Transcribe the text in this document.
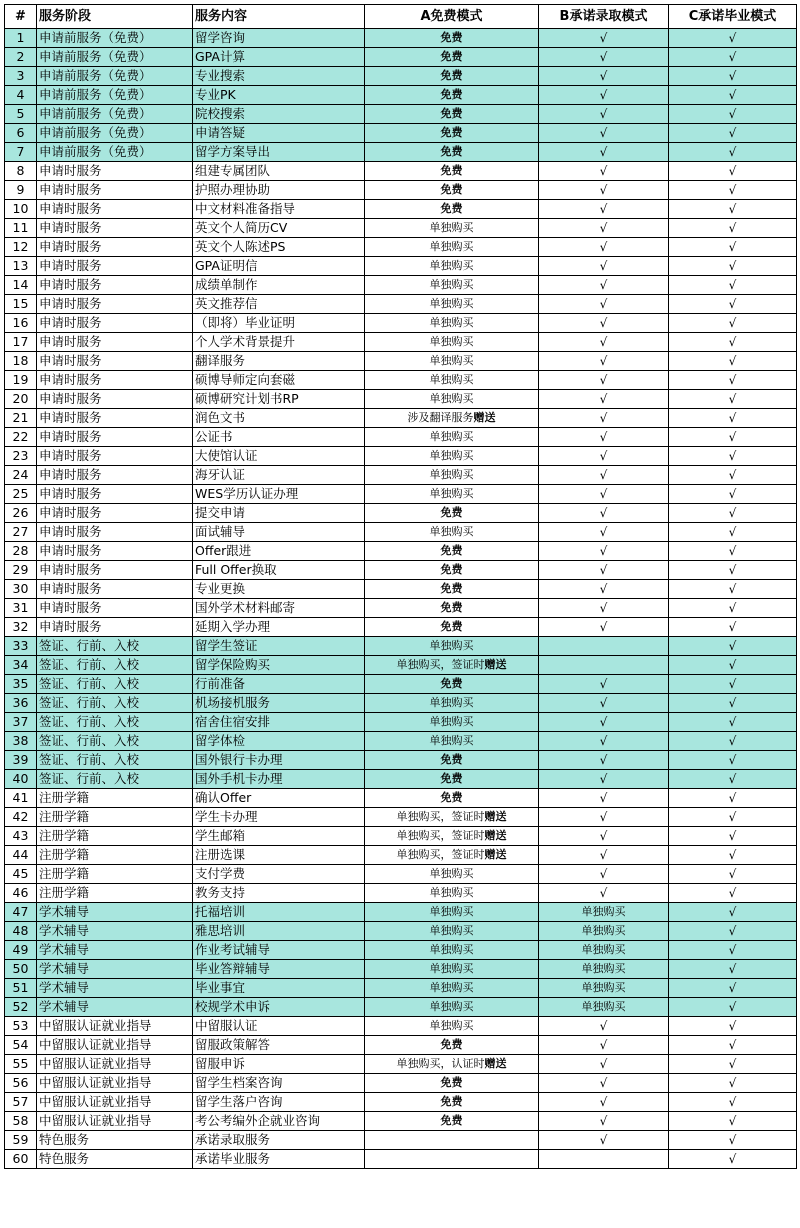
#	服务阶段	服务内容	A免费模式	B承诺录取模式	C承诺毕业模式
1	申请前服务（免费）	留学咨询	免费	√	√
2	申请前服务（免费）	GPA计算	免费	√	√
3	申请前服务（免费）	专业搜索	免费	√	√
4	申请前服务（免费）	专业PK	免费	√	√
5	申请前服务（免费）	院校搜索	免费	√	√
6	申请前服务（免费）	申请答疑	免费	√	√
7	申请前服务（免费）	留学方案导出	免费	√	√
8	申请时服务	组建专属团队	免费	√	√
9	申请时服务	护照办理协助	免费	√	√
10	申请时服务	中文材料准备指导	免费	√	√
11	申请时服务	英文个人简历CV	单独购买	√	√
12	申请时服务	英文个人陈述PS	单独购买	√	√
13	申请时服务	GPA证明信	单独购买	√	√
14	申请时服务	成绩单制作	单独购买	√	√
15	申请时服务	英文推荐信	单独购买	√	√
16	申请时服务	（即将）毕业证明	单独购买	√	√
17	申请时服务	个人学术背景提升	单独购买	√	√
18	申请时服务	翻译服务	单独购买	√	√
19	申请时服务	硕博导师定向套磁	单独购买	√	√
20	申请时服务	硕博研究计划书RP	单独购买	√	√
21	申请时服务	润色文书	涉及翻译服务赠送	√	√
22	申请时服务	公证书	单独购买	√	√
23	申请时服务	大使馆认证	单独购买	√	√
24	申请时服务	海牙认证	单独购买	√	√
25	申请时服务	WES学历认证办理	单独购买	√	√
26	申请时服务	提交申请	免费	√	√
27	申请时服务	面试辅导	单独购买	√	√
28	申请时服务	Offer跟进	免费	√	√
29	申请时服务	Full Offer换取	免费	√	√
30	申请时服务	专业更换	免费	√	√
31	申请时服务	国外学术材料邮寄	免费	√	√
32	申请时服务	延期入学办理	免费	√	√
33	签证、行前、入校	留学生签证	单独购买		√
34	签证、行前、入校	留学保险购买	单独购买，签证时赠送		√
35	签证、行前、入校	行前准备	免费	√	√
36	签证、行前、入校	机场接机服务	单独购买	√	√
37	签证、行前、入校	宿舍住宿安排	单独购买	√	√
38	签证、行前、入校	留学体检	单独购买	√	√
39	签证、行前、入校	国外银行卡办理	免费	√	√
40	签证、行前、入校	国外手机卡办理	免费	√	√
41	注册学籍	确认Offer	免费	√	√
42	注册学籍	学生卡办理	单独购买，签证时赠送	√	√
43	注册学籍	学生邮箱	单独购买，签证时赠送	√	√
44	注册学籍	注册选课	单独购买，签证时赠送	√	√
45	注册学籍	支付学费	单独购买	√	√
46	注册学籍	教务支持	单独购买	√	√
47	学术辅导	托福培训	单独购买	单独购买	√
48	学术辅导	雅思培训	单独购买	单独购买	√
49	学术辅导	作业考试辅导	单独购买	单独购买	√
50	学术辅导	毕业答辩辅导	单独购买	单独购买	√
51	学术辅导	毕业事宜	单独购买	单独购买	√
52	学术辅导	校规学术申诉	单独购买	单独购买	√
53	中留服认证就业指导	中留服认证	单独购买	√	√
54	中留服认证就业指导	留服政策解答	免费	√	√
55	中留服认证就业指导	留服申诉	单独购买，认证时赠送	√	√
56	中留服认证就业指导	留学生档案咨询	免费	√	√
57	中留服认证就业指导	留学生落户咨询	免费	√	√
58	中留服认证就业指导	考公考编外企就业咨询	免费	√	√
59	特色服务	承诺录取服务		√	√
60	特色服务	承诺毕业服务			√
